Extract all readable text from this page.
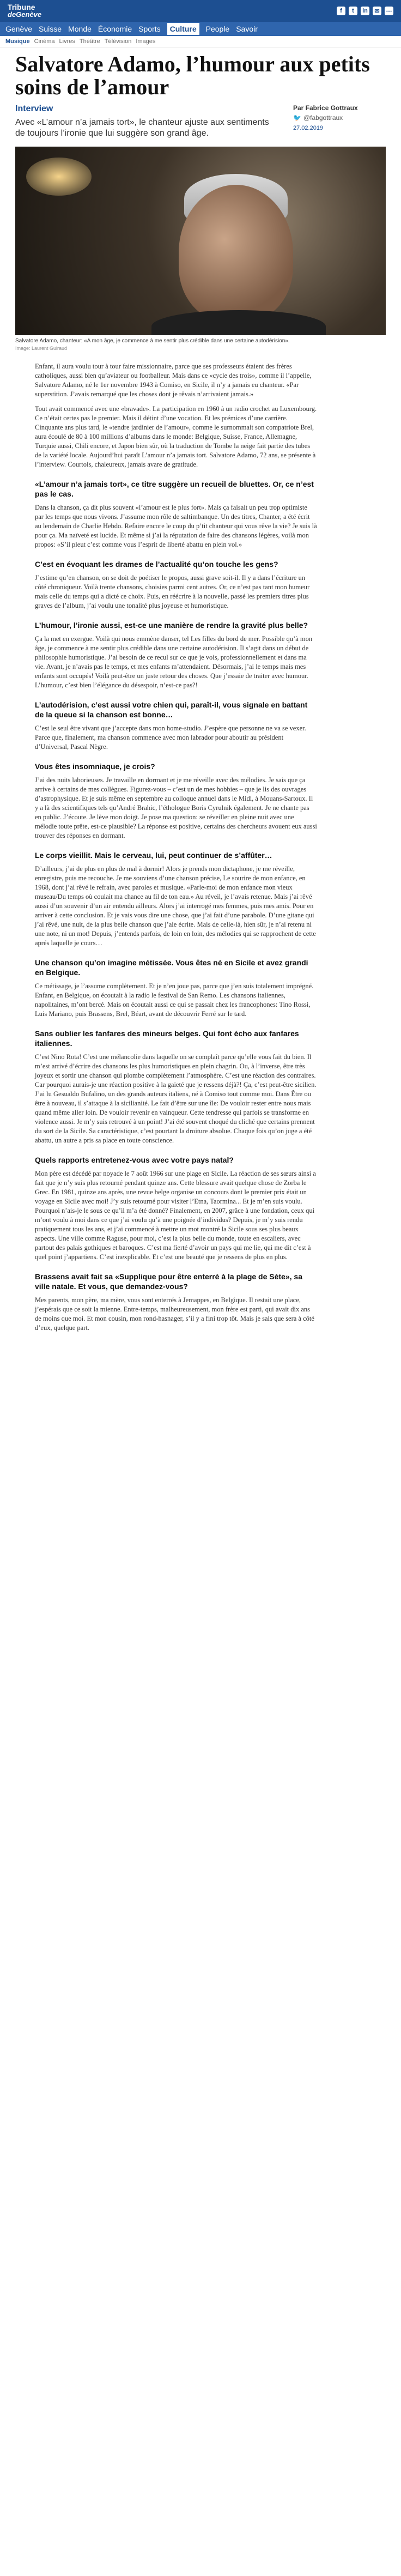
Tribune
deGenève	f	t	in	✉	⋯
Genève Suisse Monde Économie Sports	Culture	People Savoir
Musique Cinéma Livres Théâtre Télévision Images
Salvatore Adamo, l’humour aux petits soins de l’amour
Interview
Avec «L’amour n’a jamais tort», le chanteur ajuste aux sentiments de toujours l’ironie que lui suggère son grand âge.
Par Fabrice Gottraux
🐦 @fabgottraux
27.02.2019
Salvatore Adamo, chanteur: «A mon âge, je commence à me sentir plus crédible dans une certaine autodérision».
Image: Laurent Guiraud

Enfant, il aura voulu tour à tour faire missionnaire, parce que ses professeurs étaient des frères catholiques, aussi bien qu’aviateur ou footballeur. Mais dans ce «cycle des trois», comme il l’appelle, Salvatore Adamo, né le 1er novembre 1943 à Comiso, en Sicile, il n’y a jamais eu chanteur. «Par superstition. J’avais remarqué que les choses dont je rêvais n’arrivaient jamais.»

Tout avait commencé avec une «bravade». La participation en 1960 à un radio crochet au Luxembourg. Ce n’était certes pas le premier. Mais il détint d’une vocation. Et les prémices d’une carrière. Cinquante ans plus tard, le «tendre jardinier de l’amour», comme le surnommait son compatriote Brel, aura écoulé de 80 à 100 millions d’albums dans le monde: Belgique, Suisse, France, Allemagne, Turquie aussi, Chili encore, et Japon bien sûr, où la traduction de Tombe la neige fait partie des tubes de la variété locale. Aujourd’hui paraît L’amour n’a jamais tort. Salvatore Adamo, 72 ans, se présente à l’interview. Courtois, chaleureux, jamais avare de gratitude.

«L’amour n’a jamais tort», ce titre suggère un recueil de bluettes. Or, ce n’est pas le cas.

Dans la chanson, ça dit plus souvent «l’amour est le plus fort». Mais ça faisait un peu trop optimiste par les temps que nous vivons. J’assume mon rôle de saltimbanque. Un des titres, Chanter, a été écrit au lendemain de Charlie Hebdo. Refaire encore le coup du p’tit chanteur qui vous rêve la vie? Je suis là pour ça. Ma naïveté est lucide. Et même si j’ai la réputation de faire des chansons légères, voilà mon propos: «S’il pleut c’est comme vous l’esprit de liberté abattu en plein vol.»

C’est en évoquant les drames de l’actualité qu’on touche les gens?

J’estime qu’en chanson, on se doit de poétiser le propos, aussi grave soit-il. Il y a dans l’écriture un côté chroniqueur. Voilà trente chansons, choisies parmi cent autres. Or, ce n’est pas tant mon humeur mais celle du temps qui a dicté ce choix. Puis, en réécrire à la nouvelle, passé les premiers titres plus graves de l’album, j’ai voulu une tonalité plus joyeuse et humoristique.

L’humour, l’ironie aussi, est-ce une manière de rendre la gravité plus belle?

Ça la met en exergue. Voilà qui nous emmène danser, tel Les filles du bord de mer. Possible qu’à mon âge, je commence à me sentir plus crédible dans une certaine autodérision. Il s’agit dans un début de philosophie humoristique. J’ai besoin de ce recul sur ce que je vois, professionnellement et dans ma vie. Avant, je n’avais pas le temps, et mes enfants m’attendaient. Désormais, j’ai le temps mais mes enfants sont occupés! Voilà peut-être un juste retour des choses. Que j’essaie de traiter avec humour. L’humour, c’est bien l’élégance du désespoir, n’est-ce pas?!

L’autodérision, c’est aussi votre chien qui, paraît-il, vous signale en battant de la queue si la chanson est bonne…

C’est le seul être vivant que j’accepte dans mon home-studio. J’espère que personne ne va se vexer. Parce que, finalement, ma chanson commence avec mon labrador pour aboutir au président d’Universal, Pascal Nègre.

Vous êtes insomniaque, je crois?

J’ai des nuits laborieuses. Je travaille en dormant et je me réveille avec des mélodies. Je sais que ça arrive à certains de mes collègues. Figurez-vous – c’est un de mes hobbies – que je lis des ouvrages d’astrophysique. Et je suis même en septembre au colloque annuel dans le Midi, à Mouans-Sartoux. Il y a là des scientifiques tels qu’André Brahic, l’éthologue Boris Cyrulnik également. Je ne chante pas en public. J’écoute. Je lève mon doigt. Je pose ma question: se réveiller en pleine nuit avec une mélodie toute prête, est-ce plausible? La réponse est positive, certains des chercheurs avouent eux aussi trouver des réponses en dormant.

Le corps vieillit. Mais le cerveau, lui, peut continuer de s’affûter…

D’ailleurs, j’ai de plus en plus de mal à dormir! Alors je prends mon dictaphone, je me réveille, enregistre, puis me recouche. Je me souviens d’une chanson précise, Le sourire de mon enfance, en 1968, dont j’ai rêvé le refrain, avec paroles et musique. «Parle-moi de mon enfance mon vieux museau/Du temps où coulait ma chance au fil de ton eau.» Au réveil, je l’avais retenue. Mais j’ai rêvé aussi d’un souvenir d’un air entendu ailleurs. Alors j’ai interrogé mes femmes, puis mes amis. Pour en arriver à cette conclusion. Et je vais vous dire une chose, que j’ai fait d’une parabole. D’une gitane qui j’ai rêvé, une nuit, de la plus belle chanson que j’aie écrite. Mais de celle-là, hien sûr, je n’ai retenu ni une note, ni un mot! Depuis, j’entends parfois, de loin en loin, des mélodies qui se rapprochent de cette aprés laquelle je cours…

Une chanson qu’on imagine métissée. Vous êtes né en Sicile et avez grandi en Belgique.

Ce métissage, je l’assume complètement. Et je n’en joue pas, parce que j’en suis totalement imprégné. Enfant, en Belgique, on écoutait à la radio le festival de San Remo. Les chansons italiennes, napolitaines, m’ont bercé. Mais on écoutait aussi ce qui se passait chez les francophones: Tino Rossi, Luis Mariano, puis Brassens, Brel, Béart, avant de découvrir Ferré sur le tard.

Sans oublier les fanfares des mineurs belges. Qui font écho aux fanfares italiennes.

C’est Nino Rota! C’est une mélancolie dans laquelle on se complaît parce qu’elle vous fait du bien. Il m’est arrivé d’écrire des chansons les plus humoristiques en plein chagrin. Ou, à l’inverse, être très joyeux et sortir une chanson qui plombe complètement l’atmosphère. C’est une réaction des contraires. Car pourquoi aurais-je une réaction positive à la gaieté que je ressens déjà?! Ça, c’est peut-être sicilien. J’ai lu Gesualdo Bufalino, un des grands auteurs italiens, né à Comiso tout comme moi. Dans Être ou être à nouveau, il s’attaque à la sicilianité. Le fait d’être sur une île: De vouloir rester entre nous mais quand même aller loin. De vouloir revenir en vainqueur. Cette tendresse qui parfois se transforme en violence aussi. Je m’y suis retrouvé à un point! J’ai été souvent choqué du cliché que certains prennent du sort de la Sicile. Sa caractéristique, c’est pourtant la droiture absolue. Chaque fois qu’on juge a été abattu, un autre a pris sa place en toute conscience.

Quels rapports entretenez-vous avec votre pays natal?

Mon père est décédé par noyade le 7 août 1966 sur une plage en Sicile. La réaction de ses sœurs ainsi a fait que je n’y suis plus retourné pendant quinze ans. Cette blessure avait quelque chose de Zorba le Grec. En 1981, quinze ans après, une revue belge organise un concours dont le premier prix était un voyage en Sicile avec moi! J’y suis retourné pour visiter l’Etna, Taormina... Et je m’en suis voulu. Pourquoi n’ais-je le sous ce qu’il m’a été donné? Finalement, en 2007, grâce à une fondation, ceux qui m’ont voulu à moi dans ce que j’ai voulu qu’à une poignée d’individus? Depuis, je m’y suis rendu pratiquement tous les ans, et j’ai commencé à mettre un mot montré la Sicile sous ses plus beaux aspects. Une ville comme Raguse, pour moi, c’est la plus belle du monde, toute en escaliers, avec partout des palais gothiques et baroques. C’est ma fierté d’avoir un pays qui me lie, qui me dit c’est à quel point j’appartiens. C’est inexplicable. Et c’est une beauté que je ressens de plus en plus.

Brassens avait fait sa «Supplique pour être enterré à la plage de Sète», sa ville natale. Et vous, que demandez-vous?

Mes parents, mon père, ma mère, vous sont enterrés à Jemappes, en Belgique. Il restait une place, j’espérais que ce soit la mienne. Entre-temps, malheureusement, mon frère est parti, qui avait dix ans de moins que moi. Et mon cousin, mon rond-hasnager, s’il y a fini trop tôt. Mais je sais que sera à côté d’eux, quelque part.
